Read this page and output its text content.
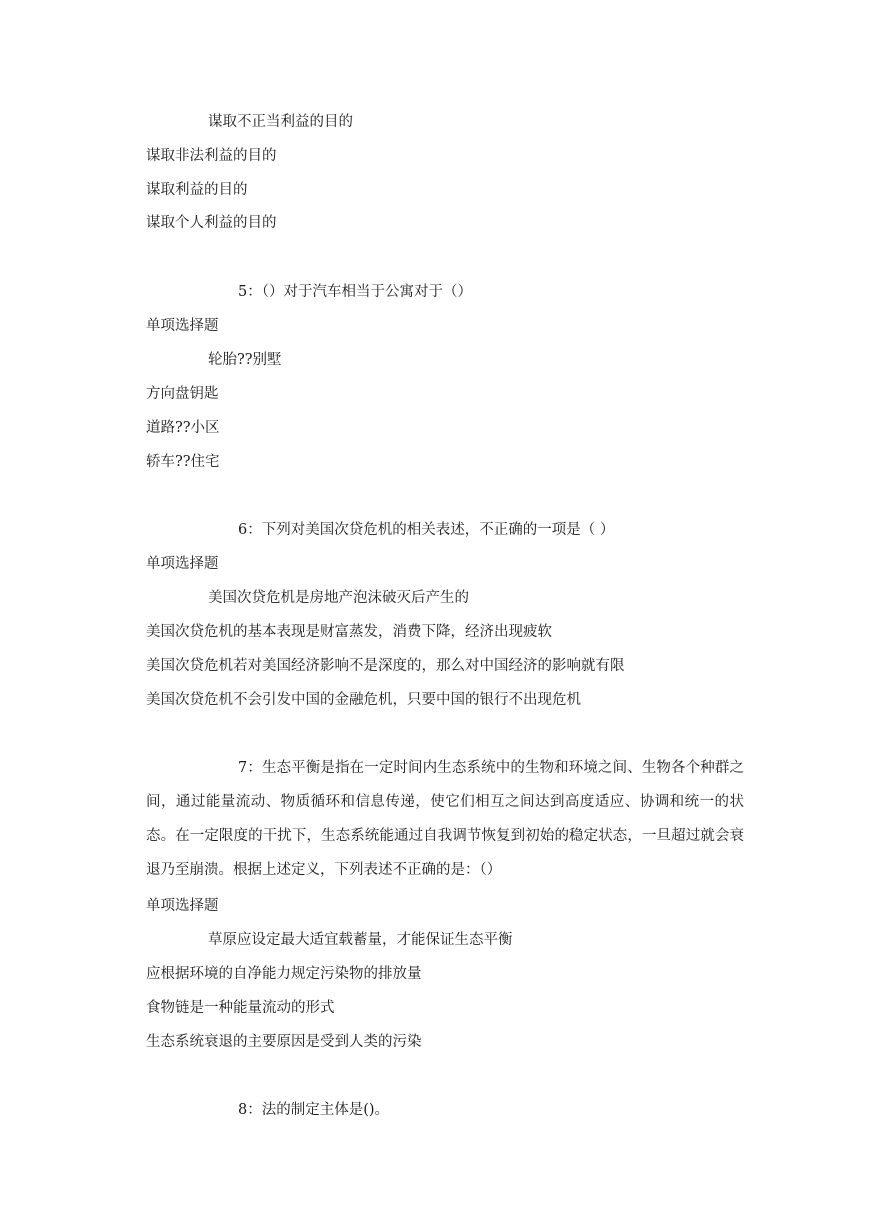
谋取不正当利益的目的

谋取非法利益的目的

谋取利益的目的

谋取个人利益的目的

5：（）对于汽车相当于公寓对于（）

单项选择题

轮胎??别墅

方向盘钥匙

道路??小区

轿车??住宅

6：下列对美国次贷危机的相关表述，不正确的一项是（ ）

单项选择题

美国次贷危机是房地产泡沫破灭后产生的

美国次贷危机的基本表现是财富蒸发，消费下降，经济出现疲软

美国次贷危机若对美国经济影响不是深度的，那么对中国经济的影响就有限

美国次贷危机不会引发中国的金融危机，只要中国的银行不出现危机

7：生态平衡是指在一定时间内生态系统中的生物和环境之间、生物各个种群之间，通过能量流动、物质循环和信息传递，使它们相互之间达到高度适应、协调和统一的状态。在一定限度的干扰下，生态系统能通过自我调节恢复到初始的稳定状态，一旦超过就会衰退乃至崩溃。根据上述定义，下列表述不正确的是：（）

单项选择题

草原应设定最大适宜载蓄量，才能保证生态平衡

应根据环境的自净能力规定污染物的排放量

食物链是一种能量流动的形式

生态系统衰退的主要原因是受到人类的污染

8：法的制定主体是()。
